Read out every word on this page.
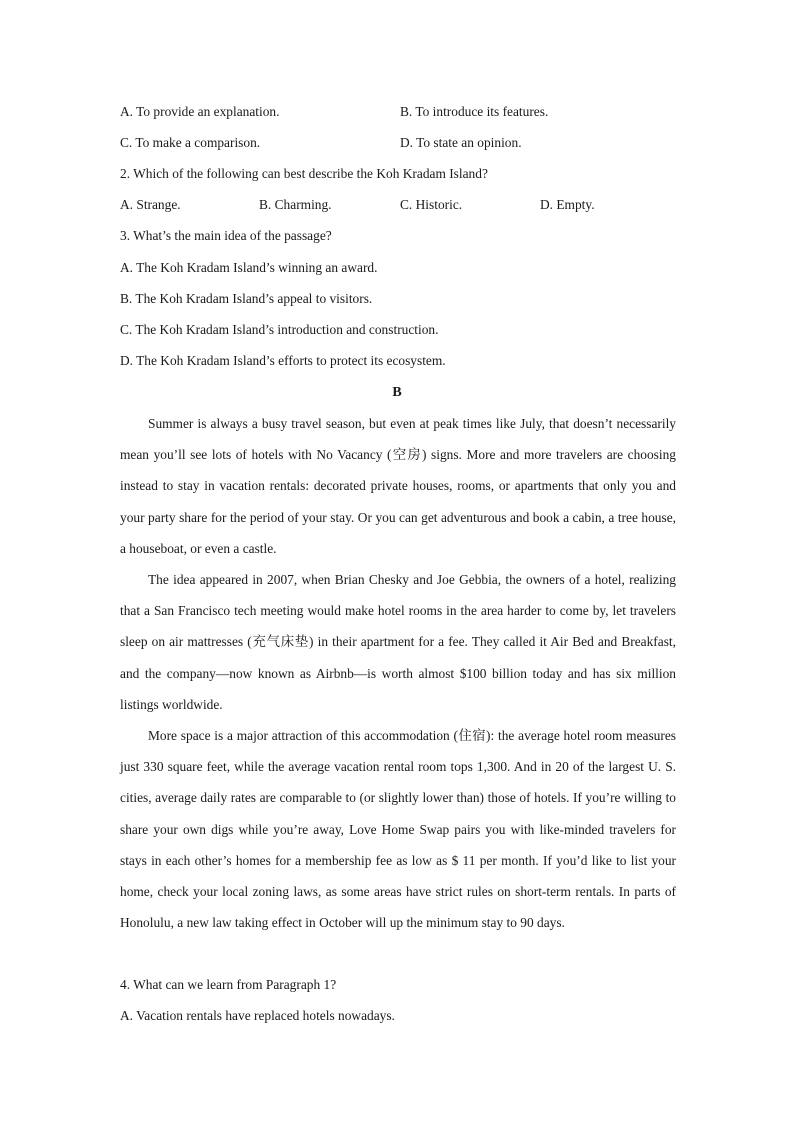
A. To provide an explanation.	B. To introduce its features.
C. To make a comparison.	D. To state an opinion.
2. Which of the following can best describe the Koh Kradam Island?
A. Strange.	B. Charming.	C. Historic.	D. Empty.
3. What’s the main idea of the passage?
A. The Koh Kradam Island’s winning an award.
B. The Koh Kradam Island’s appeal to visitors.
C. The Koh Kradam Island’s introduction and construction.
D. The Koh Kradam Island’s efforts to protect its ecosystem.
B
Summer is always a busy travel season, but even at peak times like July, that doesn’t necessarily mean you’ll see lots of hotels with No Vacancy (空房) signs. More and more travelers are choosing instead to stay in vacation rentals: decorated private houses, rooms, or apartments that only you and your party share for the period of your stay. Or you can get adventurous and book a cabin, a tree house, a houseboat, or even a castle.
The idea appeared in 2007, when Brian Chesky and Joe Gebbia, the owners of a hotel, realizing that a San Francisco tech meeting would make hotel rooms in the area harder to come by, let travelers sleep on air mattresses (充气床垫) in their apartment for a fee. They called it Air Bed and Breakfast, and the company—now known as Airbnb—is worth almost $100 billion today and has six million listings worldwide.
More space is a major attraction of this accommodation (住宿): the average hotel room measures just 330 square feet, while the average vacation rental room tops 1,300. And in 20 of the largest U. S. cities, average daily rates are comparable to (or slightly lower than) those of hotels. If you’re willing to share your own digs while you’re away, Love Home Swap pairs you with like-minded travelers for stays in each other’s homes for a membership fee as low as $ 11 per month. If you’d like to list your home, check your local zoning laws, as some areas have strict rules on short-term rentals. In parts of Honolulu, a new law taking effect in October will up the minimum stay to 90 days.
4. What can we learn from Paragraph 1?
A. Vacation rentals have replaced hotels nowadays.
